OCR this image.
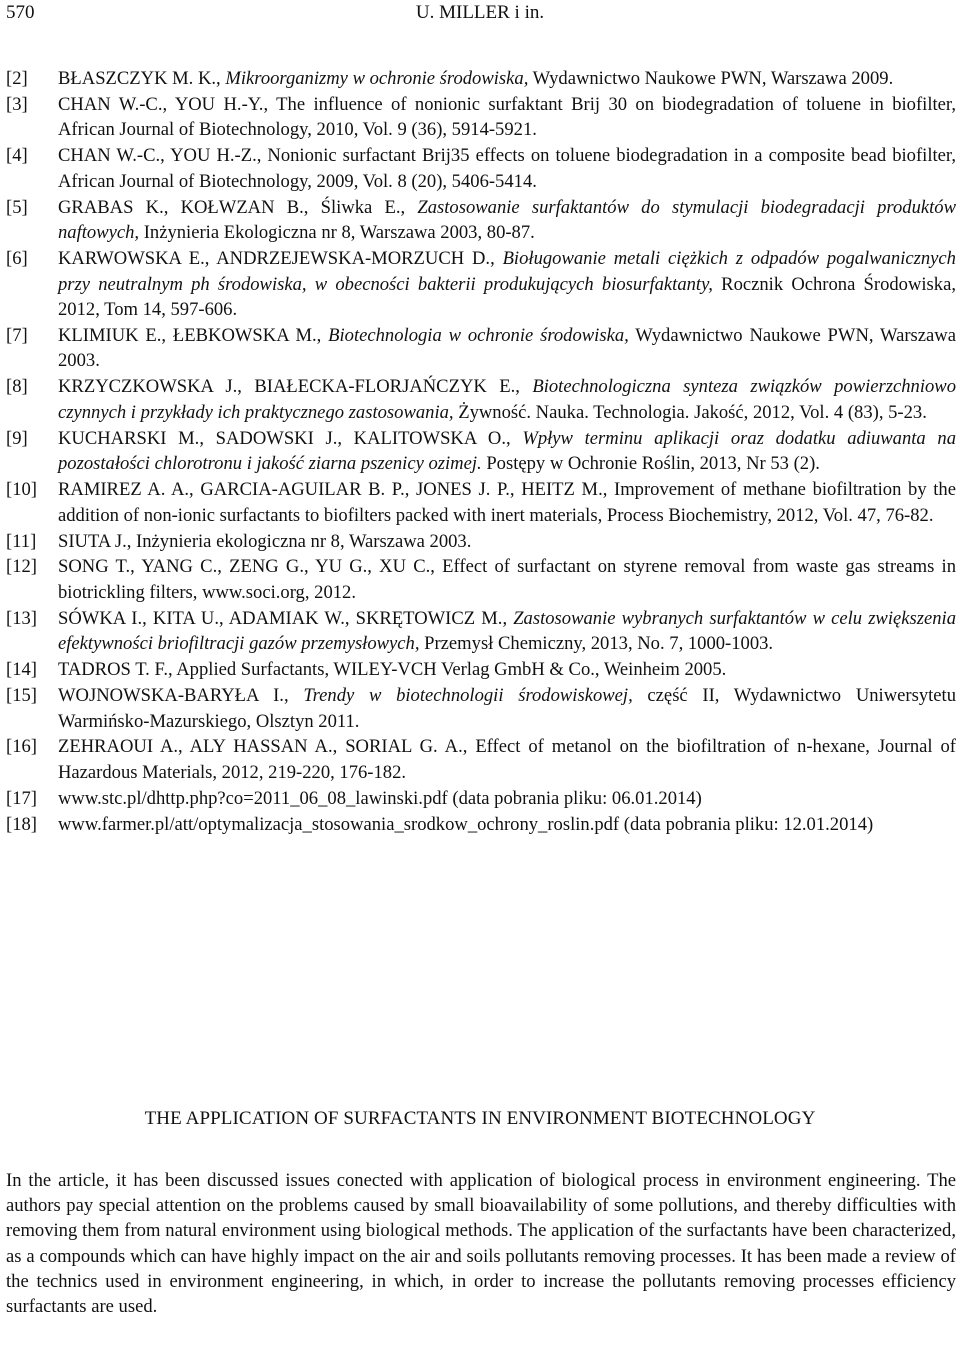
570	U. MILLER i in.
[2] BŁASZCZYK M. K., Mikroorganizmy w ochronie środowiska, Wydawnictwo Naukowe PWN, Warszawa 2009.
[3] CHAN W.-C., YOU H.-Y., The influence of nonionic surfaktant Brij 30 on biodegradation of toluene in biofilter, African Journal of Biotechnology, 2010, Vol. 9 (36), 5914-5921.
[4] CHAN W.-C., YOU H.-Z., Nonionic surfactant Brij35 effects on toluene biodegradation in a composite bead biofilter, African Journal of Biotechnology, 2009, Vol. 8 (20), 5406-5414.
[5] GRABAS K., KOŁWZAN B., Śliwka E., Zastosowanie surfaktantów do stymulacji biodegradacji produktów naftowych, Inżynieria Ekologiczna nr 8, Warszawa 2003, 80-87.
[6] KARWOWSKA E., ANDRZEJEWSKA-MORZUCH D., Bioługowanie metali ciężkich z odpadów pogalwanicznych przy neutralnym ph środowiska, w obecności bakterii produkujących biosurfaktanty, Rocznik Ochrona Środowiska, 2012, Tom 14, 597-606.
[7] KLIMIUK E., ŁEBKOWSKA M., Biotechnologia w ochronie środowiska, Wydawnictwo Naukowe PWN, Warszawa 2003.
[8] KRZYCZKOWSKA J., BIAŁECKA-FLORJAŃCZYK E., Biotechnologiczna synteza związków powierzchniowo czynnych i przykłady ich praktycznego zastosowania, Żywność. Nauka. Technologia. Jakość, 2012, Vol. 4 (83), 5-23.
[9] KUCHARSKI M., SADOWSKI J., KALITOWSKA O., Wpływ terminu aplikacji oraz dodatku adiuwanta na pozostałości chlorotronu i jakość ziarna pszenicy ozimej. Postępy w Ochronie Roślin, 2013, Nr 53 (2).
[10] RAMIREZ A. A., GARCIA-AGUILAR B. P., JONES J. P., HEITZ M., Improvement of methane biofiltration by the addition of non-ionic surfactants to biofilters packed with inert materials, Process Biochemistry, 2012, Vol. 47, 76-82.
[11] SIUTA J., Inżynieria ekologiczna nr 8, Warszawa 2003.
[12] SONG T., YANG C., ZENG G., YU G., XU C., Effect of surfactant on styrene removal from waste gas streams in biotrickling filters, www.soci.org, 2012.
[13] SÓWKA I., KITA U., ADAMIAK W., SKRĘTOWICZ M., Zastosowanie wybranych surfaktantów w celu zwiększenia efektywności briofiltracji gazów przemysłowych, Przemysł Chemiczny, 2013, No. 7, 1000-1003.
[14] TADROS T. F., Applied Surfactants, WILEY-VCH Verlag GmbH & Co., Weinheim 2005.
[15] WOJNOWSKA-BARYŁA I., Trendy w biotechnologii środowiskowej, część II, Wydawnictwo Uniwersytetu Warmińsko-Mazurskiego, Olsztyn 2011.
[16] ZEHRAOUI A., ALY HASSAN A., SORIAL G. A., Effect of metanol on the biofiltration of n-hexane, Journal of Hazardous Materials, 2012, 219-220, 176-182.
[17] www.stc.pl/dhttp.php?co=2011_06_08_lawinski.pdf (data pobrania pliku: 06.01.2014)
[18] www.farmer.pl/att/optymalizacja_stosowania_srodkow_ochrony_roslin.pdf (data pobrania pliku: 12.01.2014)
THE APPLICATION OF SURFACTANTS IN ENVIRONMENT BIOTECHNOLOGY
In the article, it has been discussed issues conected with application of biological process in environment engineering. The authors pay special attention on the problems caused by small bioavailability of some pollutions, and thereby difficulties with removing them from natural environment using biological methods. The application of the surfactants have been characterized, as a compounds which can have highly impact on the air and soils pollutants removing processes. It has been made a review of the technics used in environment engineering, in which, in order to increase the pollutants removing processes efficiency surfactants are used.
